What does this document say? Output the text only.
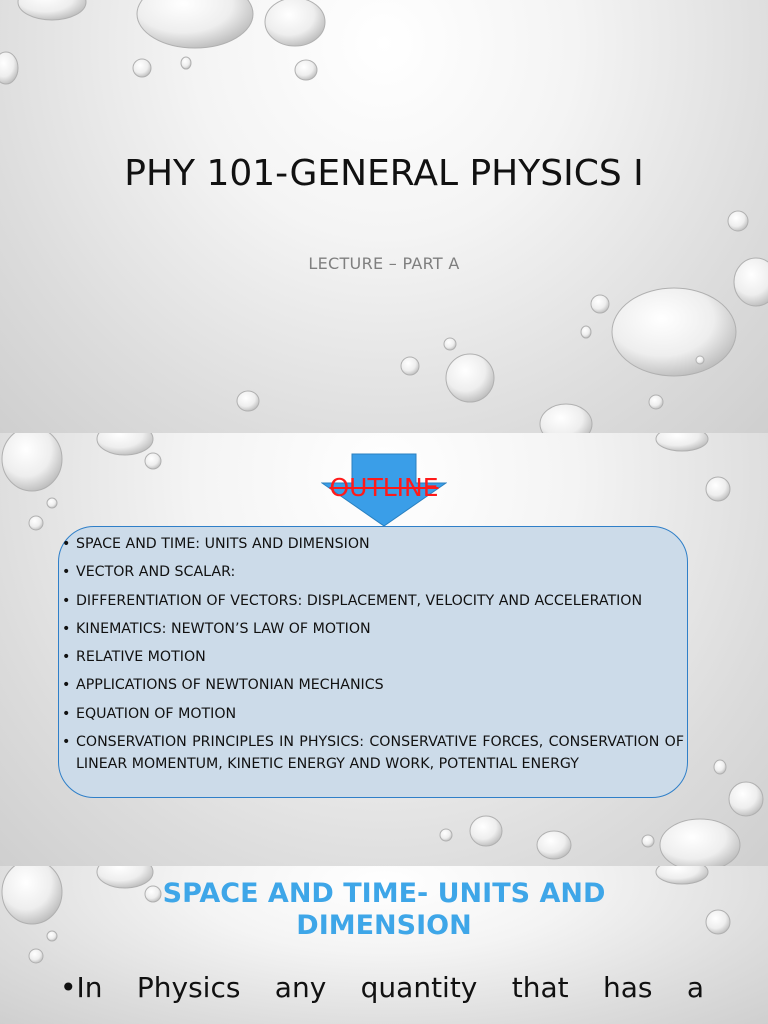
PHY 101-GENERAL PHYSICS I
LECTURE – PART A
OUTLINE
• SPACE AND TIME: UNITS AND DIMENSION
• VECTOR AND SCALAR:
• DIFFERENTIATION OF VECTORS: DISPLACEMENT, VELOCITY AND ACCELERATION
• KINEMATICS: NEWTON’S LAW OF MOTION
• RELATIVE MOTION
• APPLICATIONS OF NEWTONIAN MECHANICS
• EQUATION OF MOTION
• CONSERVATION PRINCIPLES IN PHYSICS: CONSERVATIVE FORCES, CONSERVATION OF LINEAR MOMENTUM, KINETIC ENERGY AND WORK, POTENTIAL ENERGY
SPACE AND TIME- UNITS AND DIMENSION

•In Physics any quantity that has a
